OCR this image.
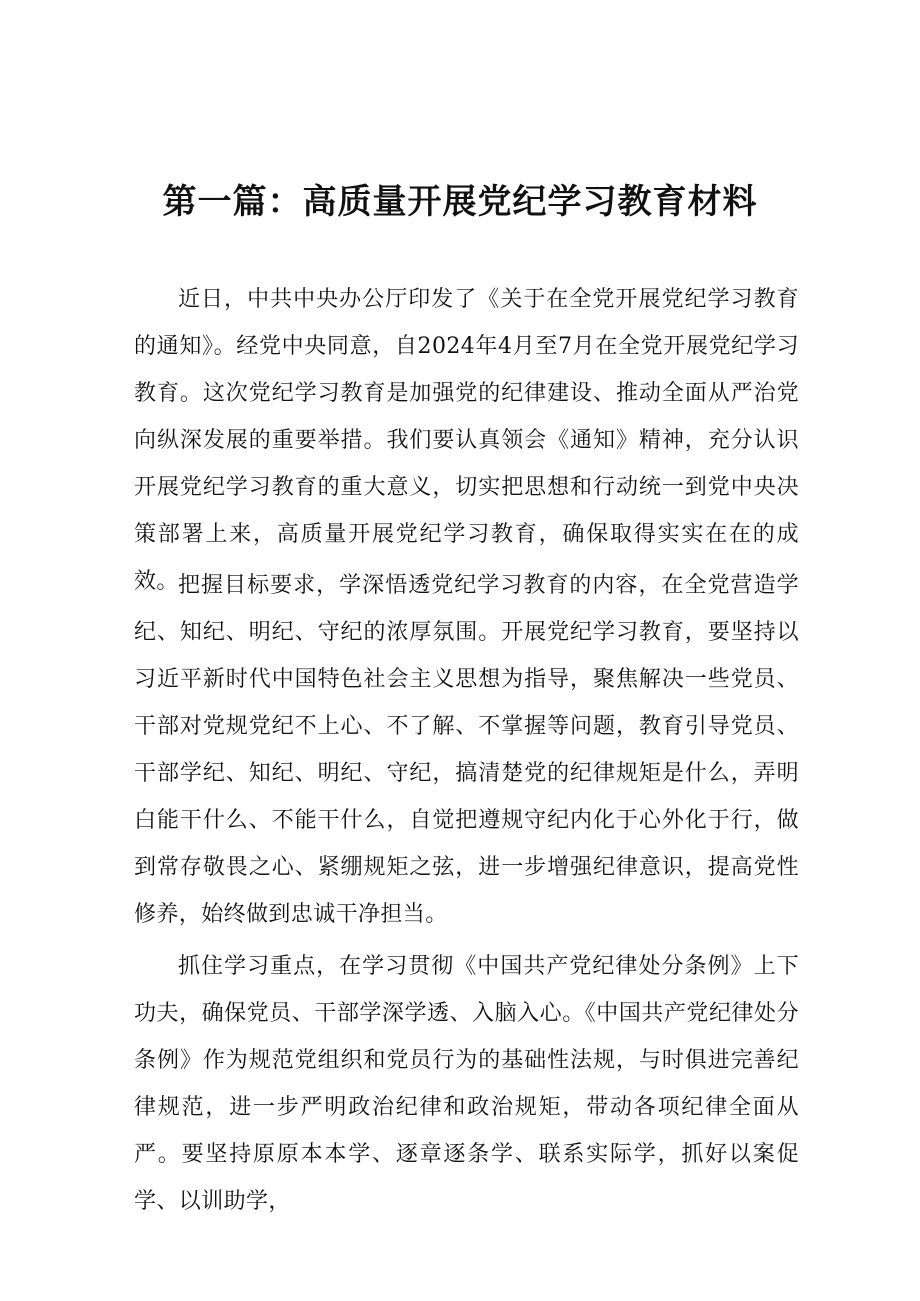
第一篇：高质量开展党纪学习教育材料

近日，中共中央办公厅印发了《关于在全党开展党纪学习教育的通知》。经党中央同意，自2024年4月至7月在全党开展党纪学习教育。这次党纪学习教育是加强党的纪律建设、推动全面从严治党向纵深发展的重要举措。我们要认真领会《通知》精神，充分认识开展党纪学习教育的重大意义，切实把思想和行动统一到党中央决策部署上来，高质量开展党纪学习教育，确保取得实实在在的成效。 把握目标要求，学深悟透党纪学习教育的内容，在全党营造学纪、知纪、明纪、守纪的浓厚氛围。开展党纪学习教育，要坚持以习近平新时代中国特色社会主义思想为指导，聚焦解决一些党员、干部对党规党纪不上心、不了解、不掌握等问题，教育引导党员、干部学纪、知纪、明纪、守纪，搞清楚党的纪律规矩是什么，弄明白能干什么、不能干什么，自觉把遵规守纪内化于心外化于行，做到常存敬畏之心、紧绷规矩之弦，进一步增强纪律意识，提高党性修养，始终做到忠诚干净担当。

抓住学习重点，在学习贯彻《中国共产党纪律处分条例》上下功夫，确保党员、干部学深学透、入脑入心。《中国共产党纪律处分条例》作为规范党组织和党员行为的基础性法规，与时俱进完善纪律规范，进一步严明政治纪律和政治规矩，带动各项纪律全面从严。要坚持原原本本学、逐章逐条学、联系实际学，抓好以案促学、以训助学，
